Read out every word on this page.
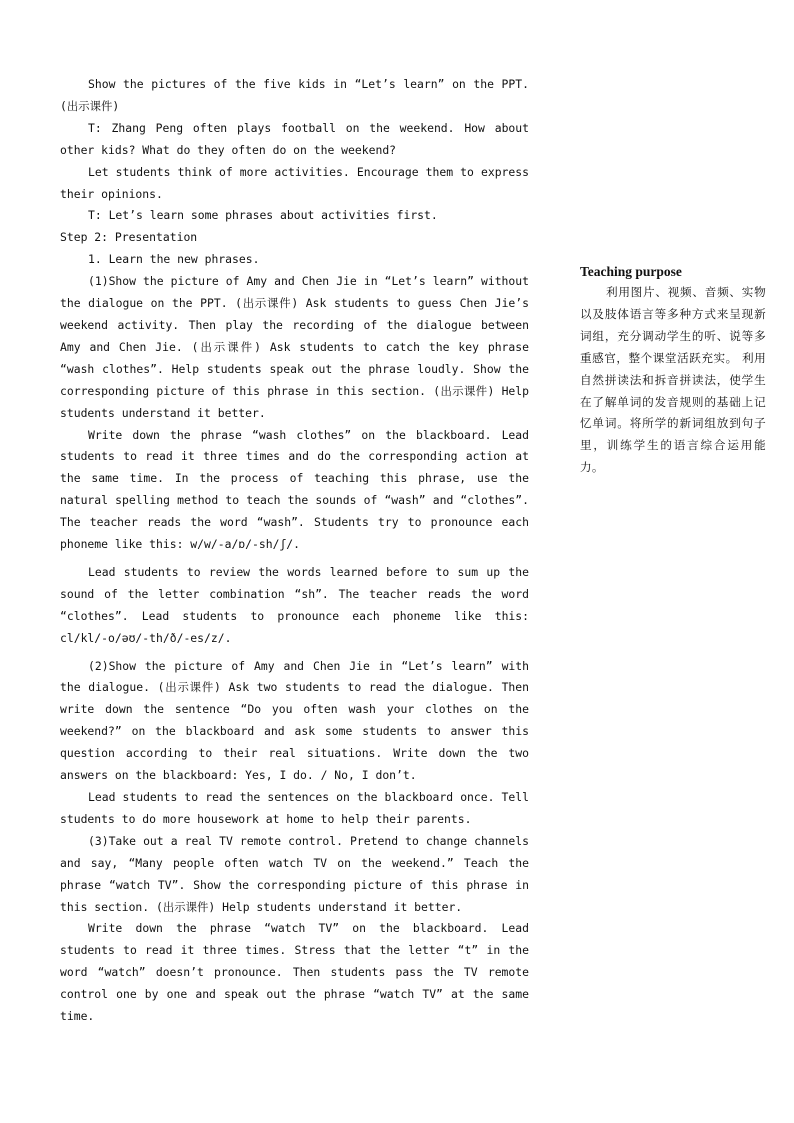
Show the pictures of the five kids in “Let’s learn” on the PPT. (出示课件)

T: Zhang Peng often plays football on the weekend. How about other kids? What do they often do on the weekend?

Let students think of more activities. Encourage them to express their opinions.

T: Let’s learn some phrases about activities first.

Step 2: Presentation

1. Learn the new phrases.

(1)Show the picture of Amy and Chen Jie in “Let’s learn” without the dialogue on the PPT. (出示课件) Ask students to guess Chen Jie’s weekend activity. Then play the recording of the dialogue between Amy and Chen Jie. (出示课件) Ask students to catch the key phrase “wash clothes”. Help students speak out the phrase loudly. Show the corresponding picture of this phrase in this section. (出示课件) Help students understand it better.

Write down the phrase “wash clothes” on the blackboard. Lead students to read it three times and do the corresponding action at the same time. In the process of teaching this phrase, use the natural spelling method to teach the sounds of “wash” and “clothes”. The teacher reads the word “wash”. Students try to pronounce each phoneme like this: w/w/-a/ɒ/-sh/ʃ/.

Lead students to review the words learned before to sum up the sound of the letter combination “sh”. The teacher reads the word “clothes”. Lead students to pronounce each phoneme like this: cl/kl/-o/əʊ/-th/ð/-es/z/.

(2)Show the picture of Amy and Chen Jie in “Let’s learn” with the dialogue. (出示课件) Ask two students to read the dialogue. Then write down the sentence “Do you often wash your clothes on the weekend?” on the blackboard and ask some students to answer this question according to their real situations. Write down the two answers on the blackboard: Yes, I do. / No, I don’t.

Lead students to read the sentences on the blackboard once. Tell students to do more housework at home to help their parents.

(3)Take out a real TV remote control. Pretend to change channels and say, “Many people often watch TV on the weekend.” Teach the phrase “watch TV”. Show the corresponding picture of this phrase in this section. (出示课件) Help students understand it better.

Write down the phrase “watch TV” on the blackboard. Lead students to read it three times. Stress that the letter “t” in the word “watch” doesn’t pronounce. Then students pass the TV remote control one by one and speak out the phrase “watch TV” at the same time.

Teaching purpose

利用图片、视频、音频、实物以及肢体语言等多种方式来呈现新词组，充分调动学生的听、说等多重感官，整个课堂活跃充实。 利用自然拼读法和拆音拼读法，使学生在了解单词的发音规则的基础上记忆单词。将所学的新词组放到句子里，训练学生的语言综合运用能力。
